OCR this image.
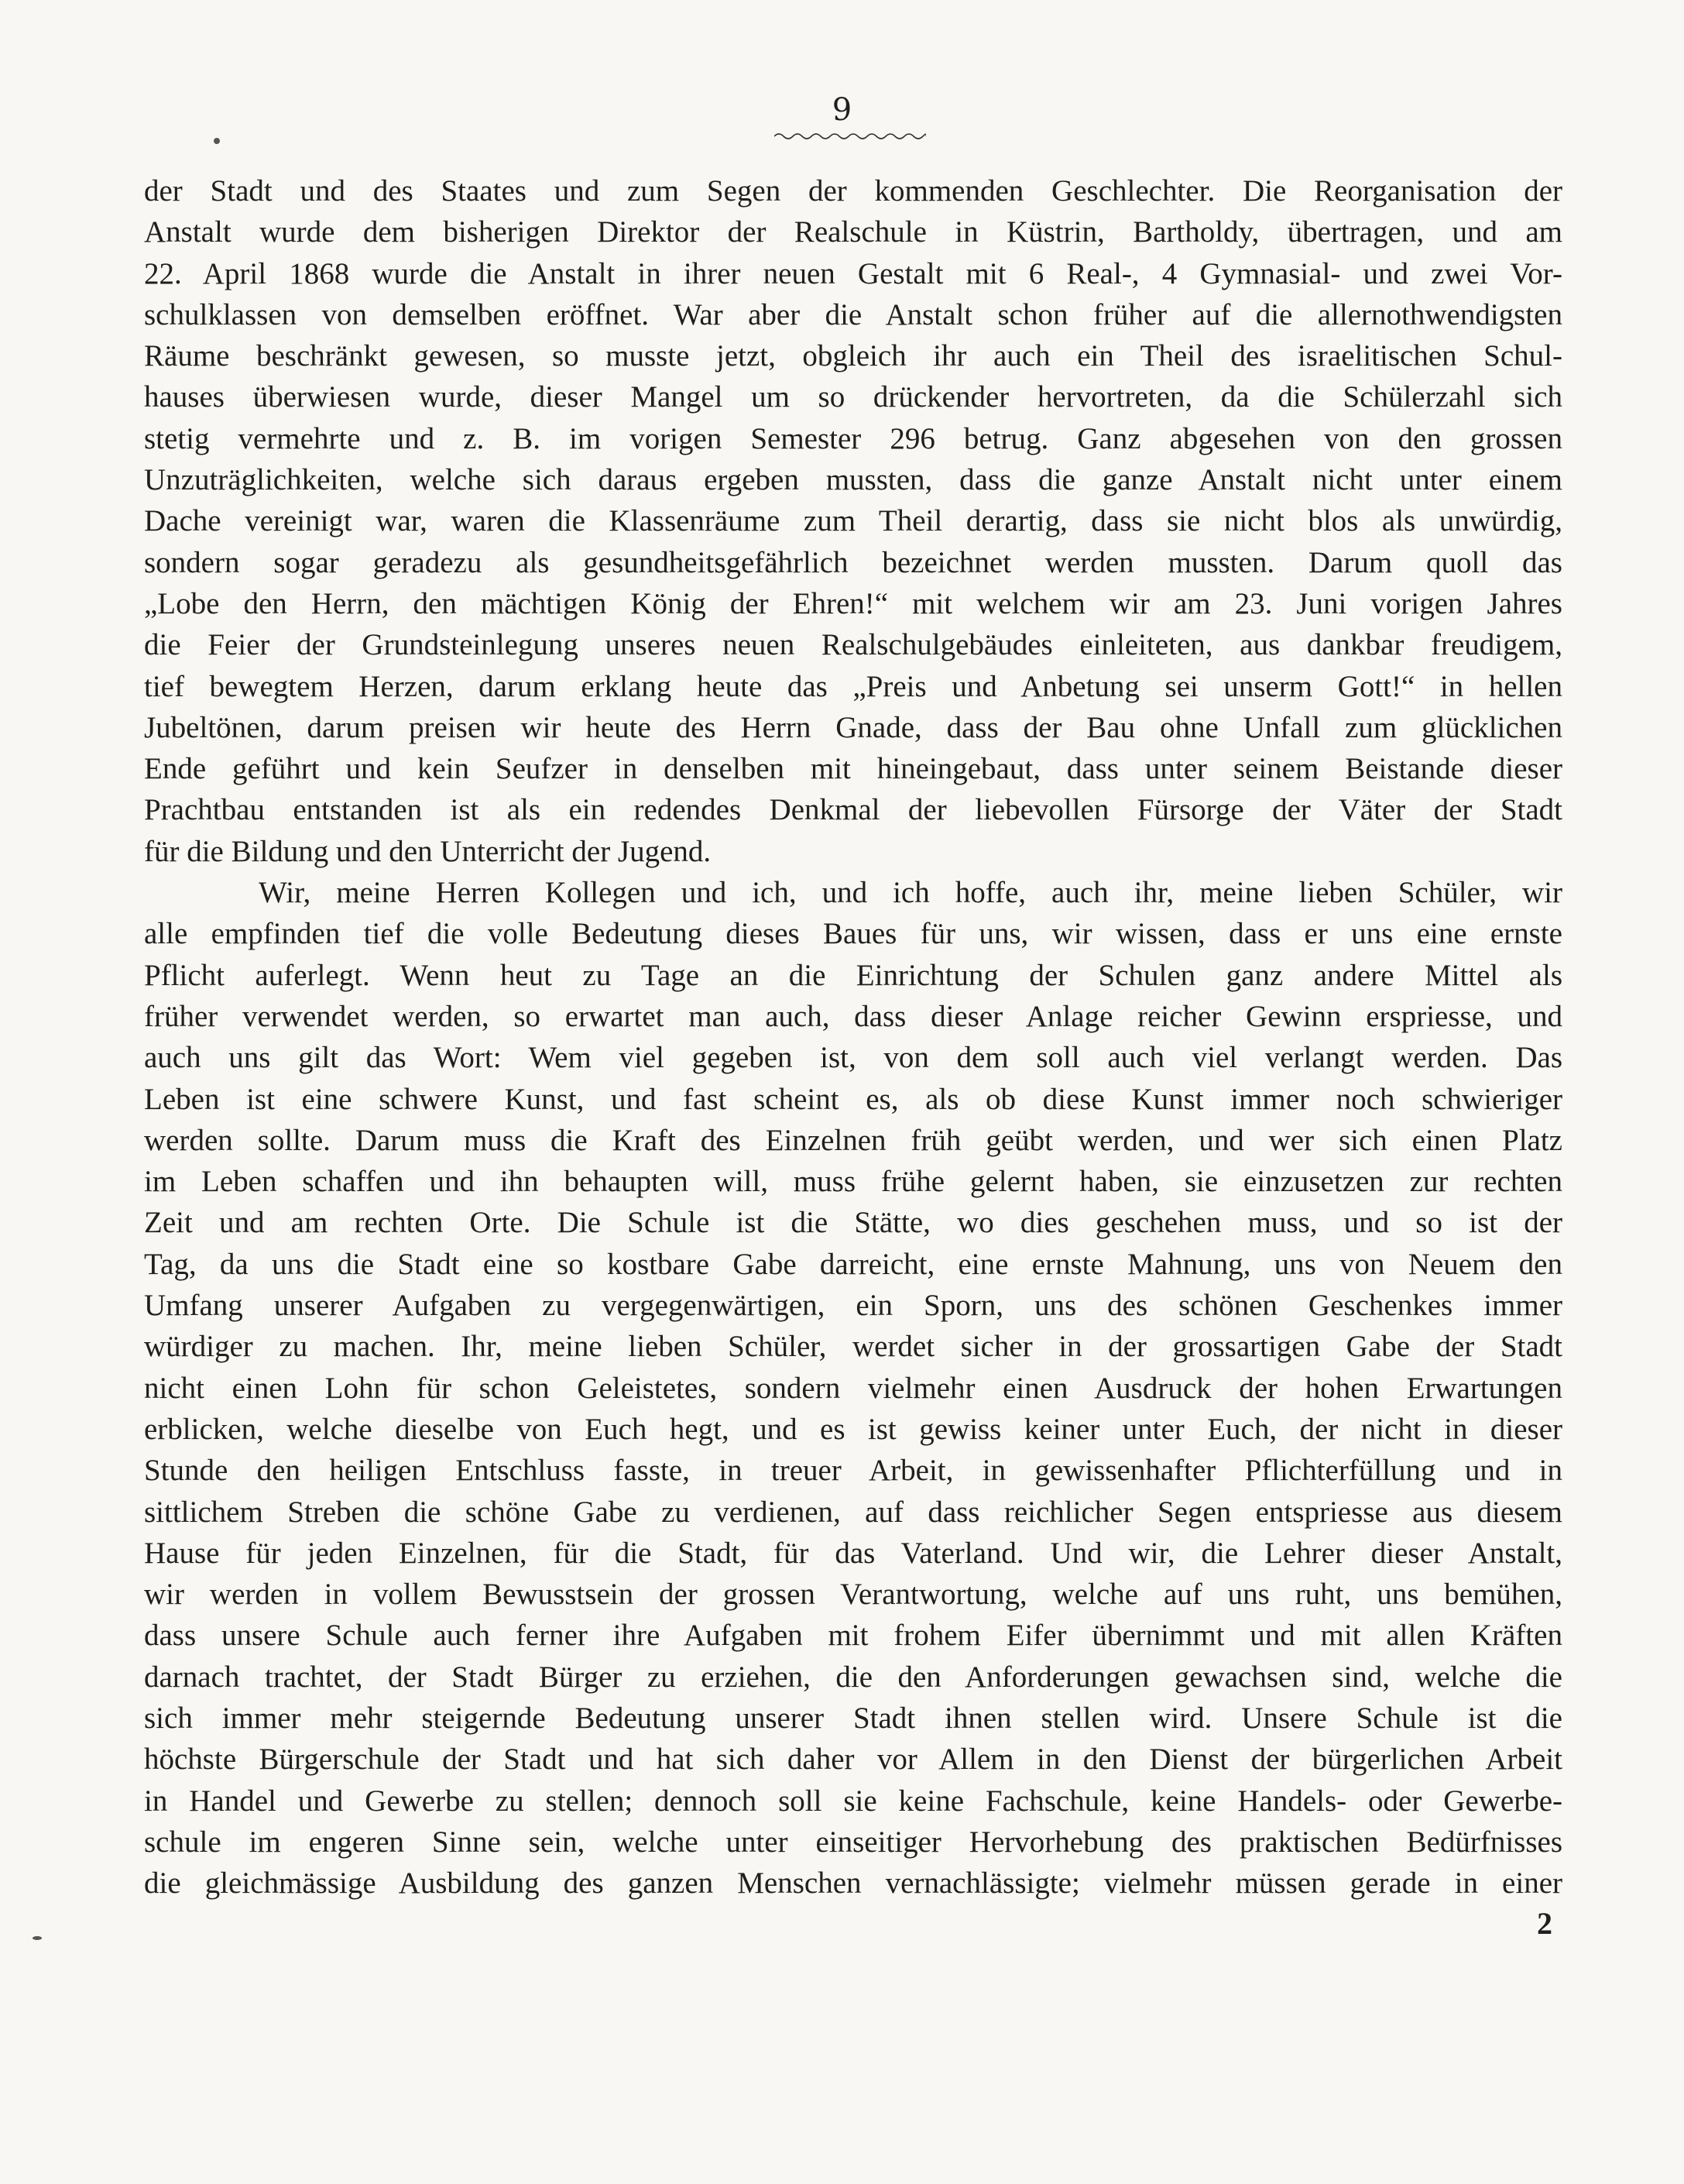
9
der Stadt und des Staates und zum Segen der kommenden Geschlechter. Die Reorganisation der
Anstalt wurde dem bisherigen Direktor der Realschule in Küstrin, Bartholdy, übertragen, und am
22. April 1868 wurde die Anstalt in ihrer neuen Gestalt mit 6 Real-, 4 Gymnasial- und zwei Vor-
schulklassen von demselben eröffnet. War aber die Anstalt schon früher auf die allernothwendigsten
Räume beschränkt gewesen, so musste jetzt, obgleich ihr auch ein Theil des israelitischen Schul-
hauses überwiesen wurde, dieser Mangel um so drückender hervortreten, da die Schülerzahl sich
stetig vermehrte und z. B. im vorigen Semester 296 betrug. Ganz abgesehen von den grossen
Unzuträglichkeiten, welche sich daraus ergeben mussten, dass die ganze Anstalt nicht unter einem
Dache vereinigt war, waren die Klassenräume zum Theil derartig, dass sie nicht blos als unwürdig,
sondern sogar geradezu als gesundheitsgefährlich bezeichnet werden mussten. Darum quoll das
„Lobe den Herrn, den mächtigen König der Ehren!“ mit welchem wir am 23. Juni vorigen Jahres
die Feier der Grundsteinlegung unseres neuen Realschulgebäudes einleiteten, aus dankbar freudigem,
tief bewegtem Herzen, darum erklang heute das „Preis und Anbetung sei unserm Gott!“ in hellen
Jubeltönen, darum preisen wir heute des Herrn Gnade, dass der Bau ohne Unfall zum glücklichen
Ende geführt und kein Seufzer in denselben mit hineingebaut, dass unter seinem Beistande dieser
Prachtbau entstanden ist als ein redendes Denkmal der liebevollen Fürsorge der Väter der Stadt
für die Bildung und den Unterricht der Jugend.
Wir, meine Herren Kollegen und ich, und ich hoffe, auch ihr, meine lieben Schüler, wir
alle empfinden tief die volle Bedeutung dieses Baues für uns, wir wissen, dass er uns eine ernste
Pflicht auferlegt. Wenn heut zu Tage an die Einrichtung der Schulen ganz andere Mittel als
früher verwendet werden, so erwartet man auch, dass dieser Anlage reicher Gewinn erspriesse, und
auch uns gilt das Wort: Wem viel gegeben ist, von dem soll auch viel verlangt werden. Das
Leben ist eine schwere Kunst, und fast scheint es, als ob diese Kunst immer noch schwieriger
werden sollte. Darum muss die Kraft des Einzelnen früh geübt werden, und wer sich einen Platz
im Leben schaffen und ihn behaupten will, muss frühe gelernt haben, sie einzusetzen zur rechten
Zeit und am rechten Orte. Die Schule ist die Stätte, wo dies geschehen muss, und so ist der
Tag, da uns die Stadt eine so kostbare Gabe darreicht, eine ernste Mahnung, uns von Neuem den
Umfang unserer Aufgaben zu vergegenwärtigen, ein Sporn, uns des schönen Geschenkes immer
würdiger zu machen. Ihr, meine lieben Schüler, werdet sicher in der grossartigen Gabe der Stadt
nicht einen Lohn für schon Geleistetes, sondern vielmehr einen Ausdruck der hohen Erwartungen
erblicken, welche dieselbe von Euch hegt, und es ist gewiss keiner unter Euch, der nicht in dieser
Stunde den heiligen Entschluss fasste, in treuer Arbeit, in gewissenhafter Pflichterfüllung und in
sittlichem Streben die schöne Gabe zu verdienen, auf dass reichlicher Segen entspriesse aus diesem
Hause für jeden Einzelnen, für die Stadt, für das Vaterland. Und wir, die Lehrer dieser Anstalt,
wir werden in vollem Bewusstsein der grossen Verantwortung, welche auf uns ruht, uns bemühen,
dass unsere Schule auch ferner ihre Aufgaben mit frohem Eifer übernimmt und mit allen Kräften
darnach trachtet, der Stadt Bürger zu erziehen, die den Anforderungen gewachsen sind, welche die
sich immer mehr steigernde Bedeutung unserer Stadt ihnen stellen wird. Unsere Schule ist die
höchste Bürgerschule der Stadt und hat sich daher vor Allem in den Dienst der bürgerlichen Arbeit
in Handel und Gewerbe zu stellen; dennoch soll sie keine Fachschule, keine Handels- oder Gewerbe-
schule im engeren Sinne sein, welche unter einseitiger Hervorhebung des praktischen Bedürfnisses
die gleichmässige Ausbildung des ganzen Menschen vernachlässigte; vielmehr müssen gerade in einer
2
